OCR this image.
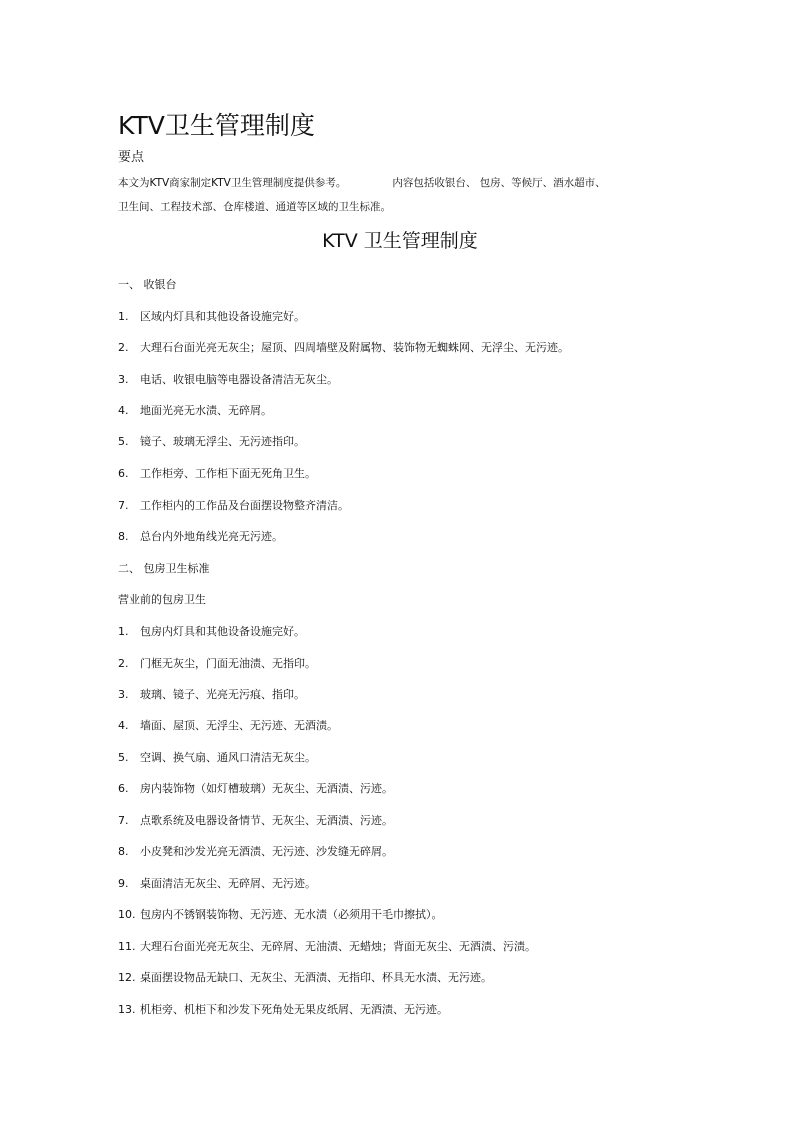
KTV卫生管理制度
要点
本文为KTV商家制定KTV卫生管理制度提供参考。	内容包括收银台、 包房、等候厅、酒水超市、
卫生间、工程技术部、仓库楼道、通道等区域的卫生标准。
KTV 卫生管理制度
一、 收银台
1. 区域内灯具和其他设备设施完好。
2. 大理石台面光亮无灰尘；屋顶、四周墙壁及附属物、装饰物无蜘蛛网、无浮尘、无污迹。
3. 电话、收银电脑等电器设备清洁无灰尘。
4. 地面光亮无水渍、无碎屑。
5. 镜子、玻璃无浮尘、无污迹指印。
6. 工作柜旁、工作柜下面无死角卫生。
7. 工作柜内的工作品及台面摆设物整齐清洁。
8. 总台内外地角线光亮无污迹。
二、 包房卫生标准
营业前的包房卫生
1. 包房内灯具和其他设备设施完好。
2. 门框无灰尘，门面无油渍、无指印。
3. 玻璃、镜子、光亮无污痕、指印。
4. 墙面、屋顶、无浮尘、无污迹、无酒渍。
5. 空调、换气扇、通风口清洁无灰尘。
6. 房内装饰物（如灯槽玻璃）无灰尘、无酒渍、污迹。
7. 点歌系统及电器设备情节、无灰尘、无酒渍、污迹。
8. 小皮凳和沙发光亮无酒渍、无污迹、沙发缝无碎屑。
9. 桌面清洁无灰尘、无碎屑、无污迹。
10. 包房内不锈钢装饰物、无污迹、无水渍（必须用干毛巾擦拭）。
11. 大理石台面光亮无灰尘、无碎屑、无油渍、无蜡烛；背面无灰尘、无酒渍、污渍。
12. 桌面摆设物品无缺口、无灰尘、无酒渍、无指印、杯具无水渍、无污迹。
13. 机柜旁、机柜下和沙发下死角处无果皮纸屑、无酒渍、无污迹。
